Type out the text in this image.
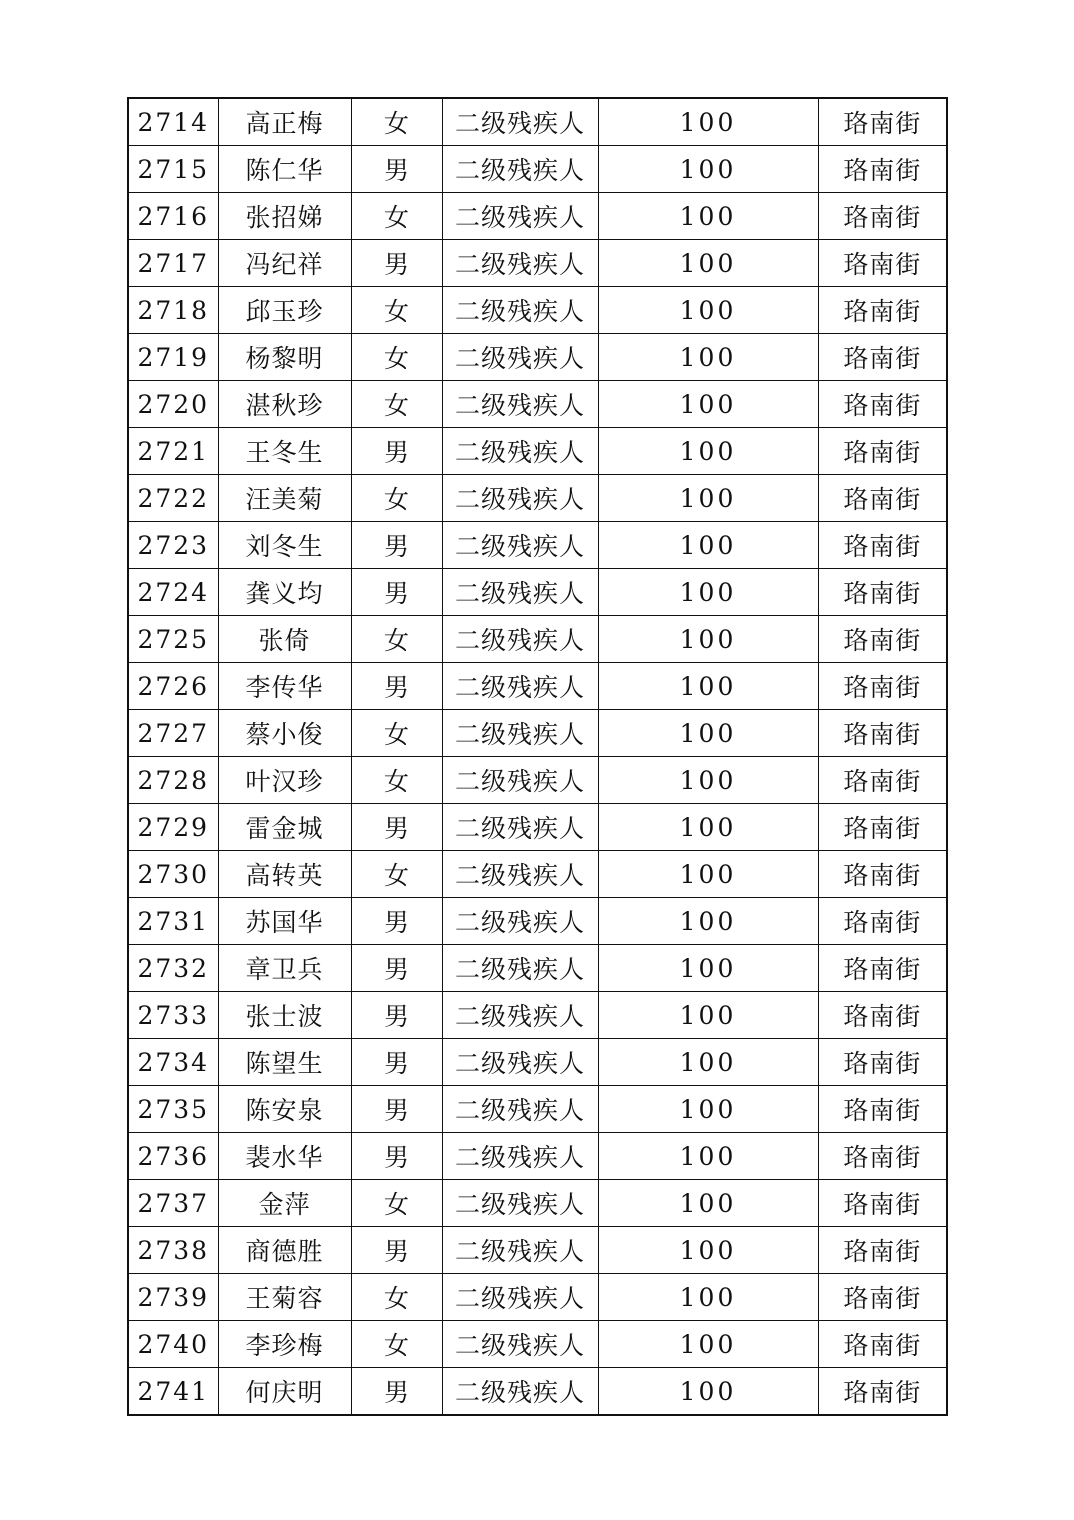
2714	高正梅	女	二级残疾人	100	珞南街
2715	陈仁华	男	二级残疾人	100	珞南街
2716	张招娣	女	二级残疾人	100	珞南街
2717	冯纪祥	男	二级残疾人	100	珞南街
2718	邱玉珍	女	二级残疾人	100	珞南街
2719	杨黎明	女	二级残疾人	100	珞南街
2720	湛秋珍	女	二级残疾人	100	珞南街
2721	王冬生	男	二级残疾人	100	珞南街
2722	汪美菊	女	二级残疾人	100	珞南街
2723	刘冬生	男	二级残疾人	100	珞南街
2724	龚义均	男	二级残疾人	100	珞南街
2725	张倚	女	二级残疾人	100	珞南街
2726	李传华	男	二级残疾人	100	珞南街
2727	蔡小俊	女	二级残疾人	100	珞南街
2728	叶汉珍	女	二级残疾人	100	珞南街
2729	雷金城	男	二级残疾人	100	珞南街
2730	高转英	女	二级残疾人	100	珞南街
2731	苏国华	男	二级残疾人	100	珞南街
2732	章卫兵	男	二级残疾人	100	珞南街
2733	张士波	男	二级残疾人	100	珞南街
2734	陈望生	男	二级残疾人	100	珞南街
2735	陈安泉	男	二级残疾人	100	珞南街
2736	裴水华	男	二级残疾人	100	珞南街
2737	金萍	女	二级残疾人	100	珞南街
2738	商德胜	男	二级残疾人	100	珞南街
2739	王菊容	女	二级残疾人	100	珞南街
2740	李珍梅	女	二级残疾人	100	珞南街
2741	何庆明	男	二级残疾人	100	珞南街
